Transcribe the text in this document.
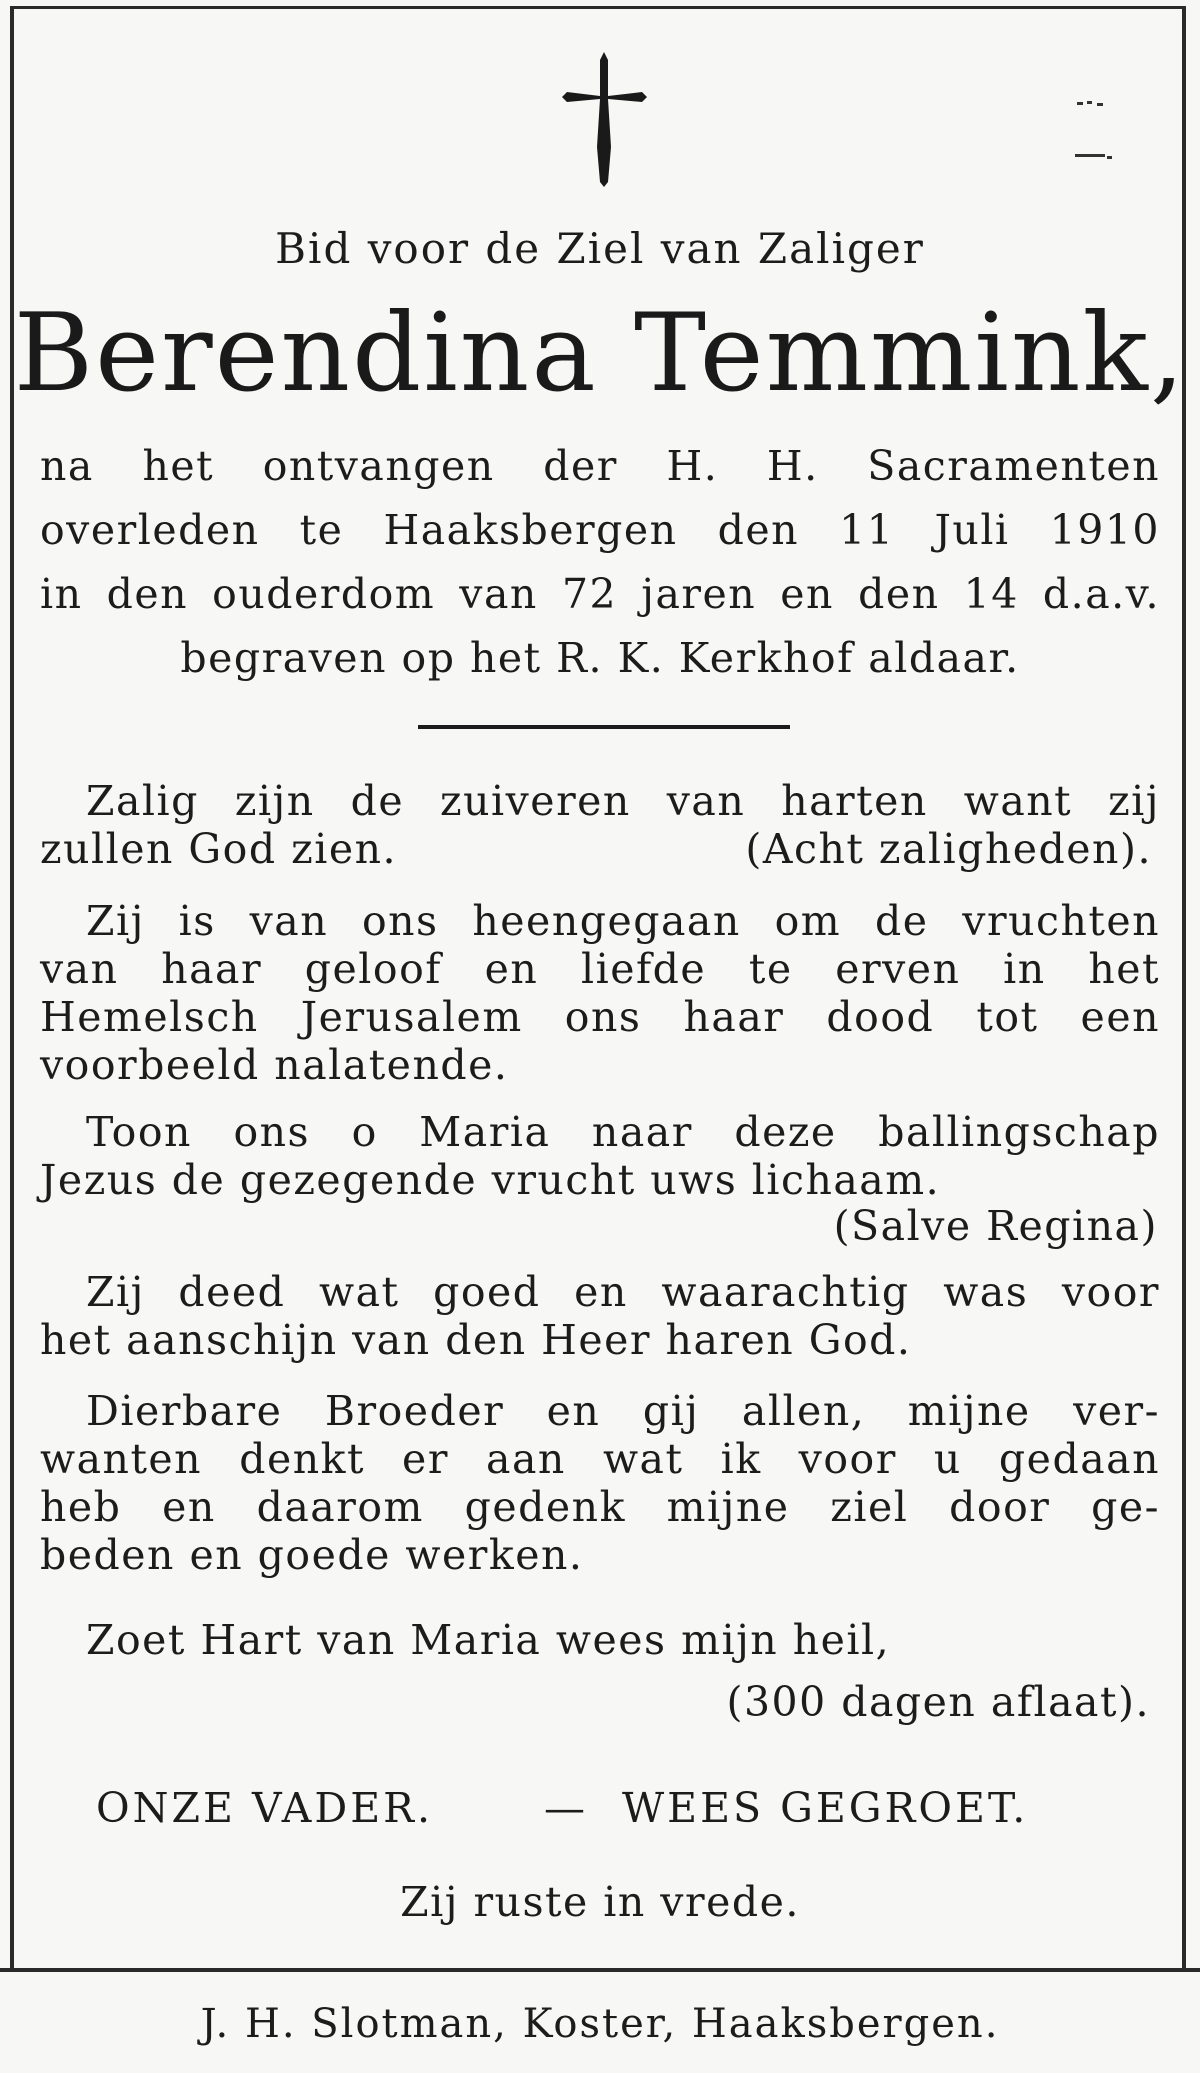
Bid voor de Ziel van Zaliger
Berendina Temmink,
na het ontvangen der H. H. Sacramenten
overleden te Haaksbergen den 11 Juli 1910
in den ouderdom van 72 jaren en den 14 d.a.v.
begraven op het R. K. Kerkhof aldaar.
Zalig zijn de zuiveren van harten want zij
zullen God zien.	(Acht zaligheden).
Zij is van ons heengegaan om de vruchten
van haar geloof en liefde te erven in het
Hemelsch Jerusalem ons haar dood tot een
voorbeeld nalatende.
Toon ons o Maria naar deze ballingschap
Jezus de gezegende vrucht uws lichaam.
(Salve Regina)
Zij deed wat goed en waarachtig was voor
het aanschijn van den Heer haren God.
Dierbare Broeder en gij allen, mijne ver-
wanten denkt er aan wat ik voor u gedaan
heb en daarom gedenk mijne ziel door ge-
beden en goede werken.
Zoet Hart van Maria wees mijn heil,
(300 dagen aflaat).
ONZE VADER.	— WEES GEGROET.
Zij ruste in vrede.
J. H. Slotman, Koster, Haaksbergen.
